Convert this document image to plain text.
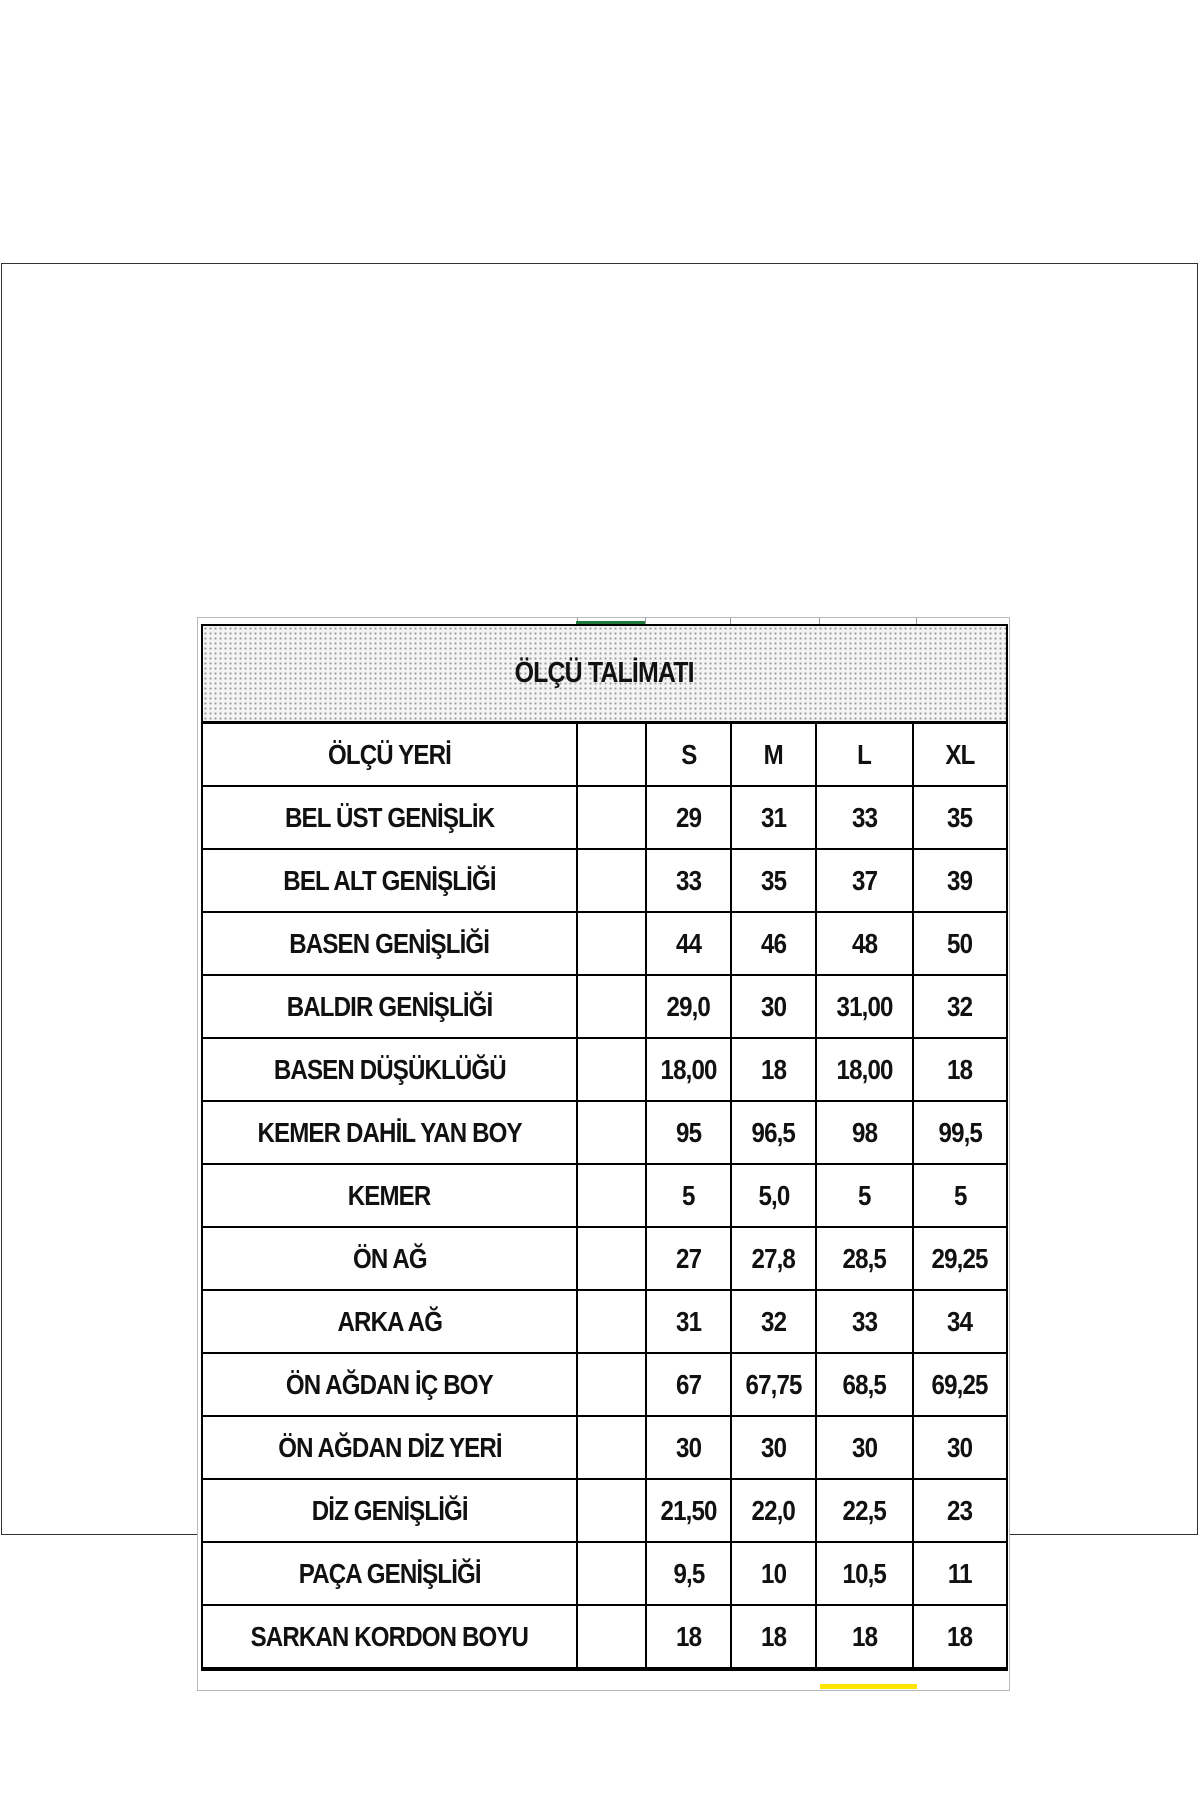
ÖLÇÜ TALİMATI					
ÖLÇÜ YERİ		S	M	L	XL
BEL ÜST GENİŞLİK		29	31	33	35
BEL ALT GENİŞLİĞİ		33	35	37	39
BASEN GENİŞLİĞİ		44	46	48	50
BALDIR GENİŞLİĞİ		29,0	30	31,00	32
BASEN DÜŞÜKLÜĞÜ		18,00	18	18,00	18
KEMER DAHİL YAN BOY		95	96,5	98	99,5
KEMER		5	5,0	5	5
ÖN AĞ		27	27,8	28,5	29,25
ARKA AĞ		31	32	33	34
ÖN AĞDAN İÇ BOY		67	67,75	68,5	69,25
ÖN AĞDAN DİZ YERİ		30	30	30	30
DİZ GENİŞLİĞİ		21,50	22,0	22,5	23
PAÇA GENİŞLİĞİ		9,5	10	10,5	11
SARKAN KORDON BOYU		18	18	18	18
